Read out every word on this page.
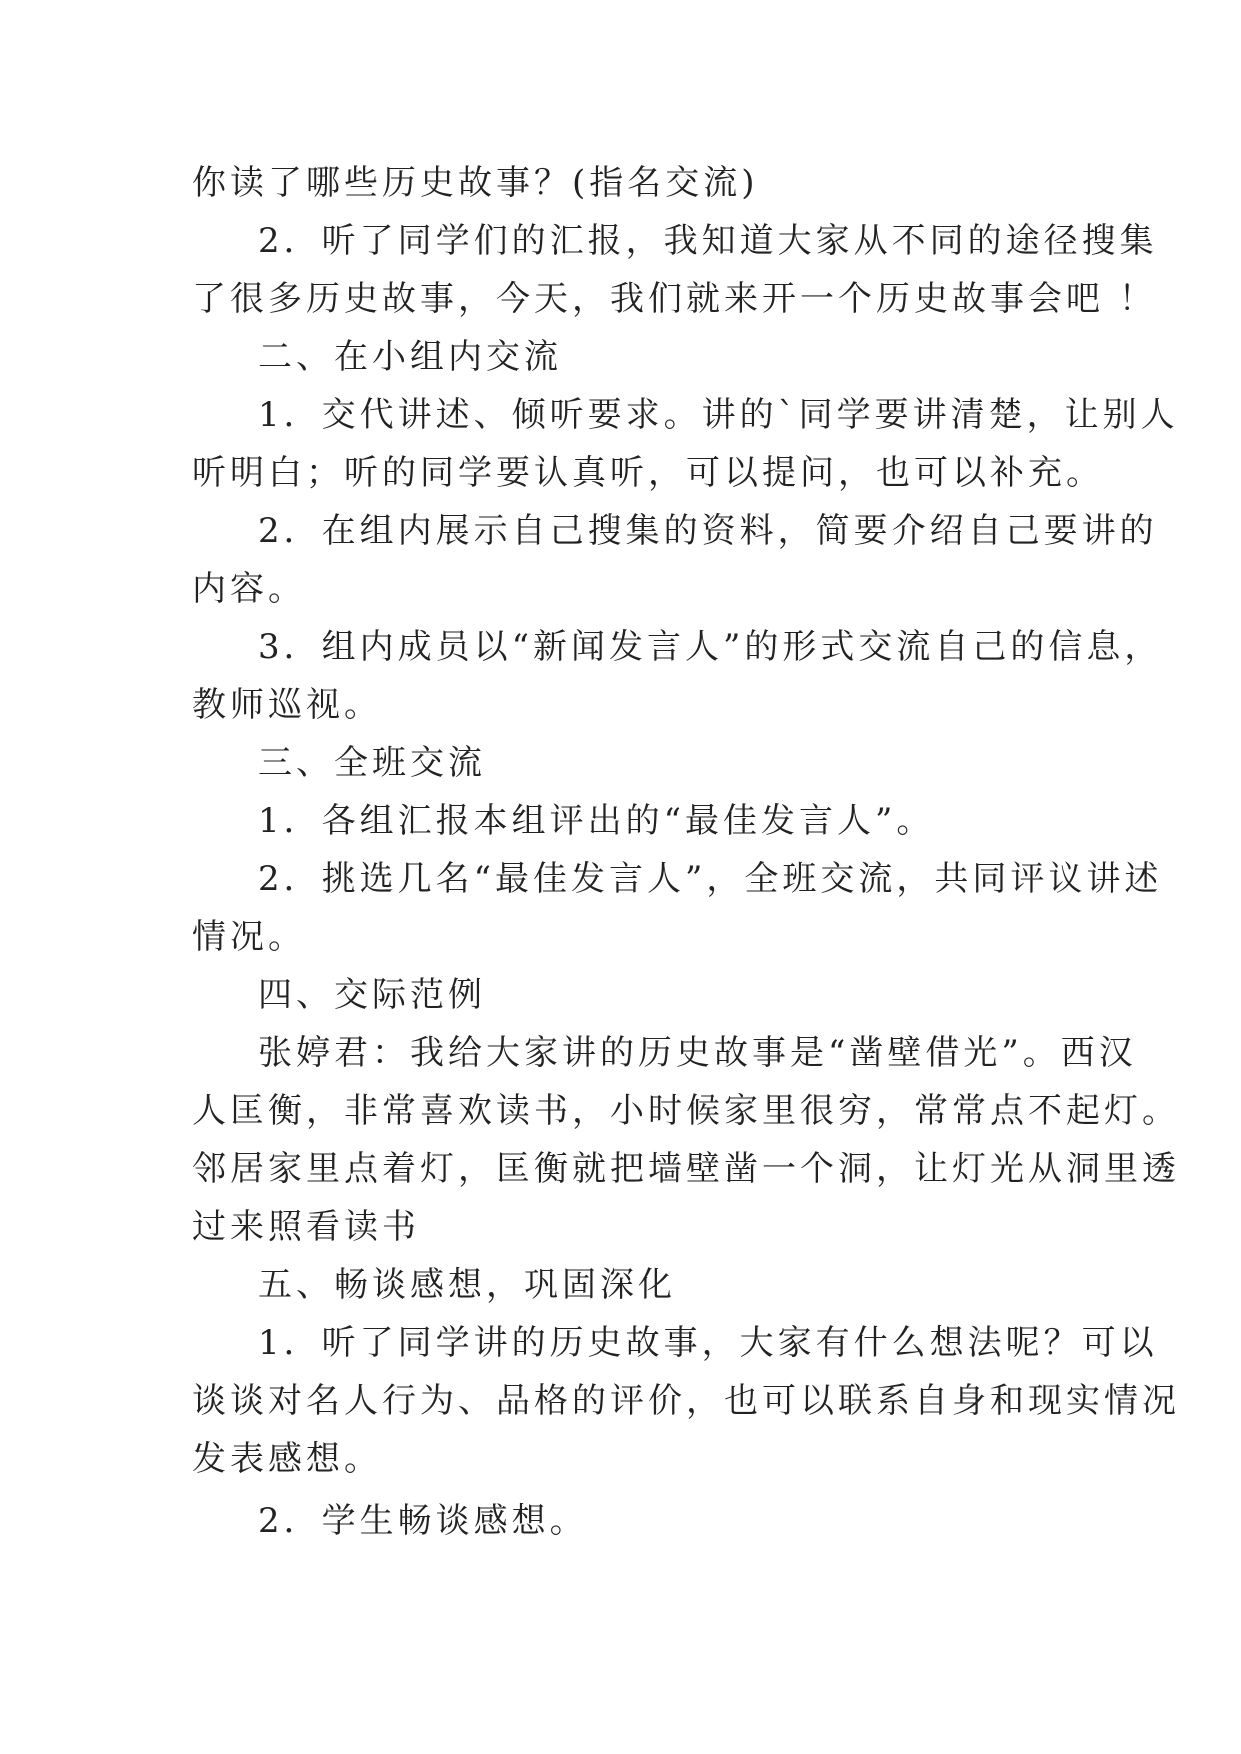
你读了哪些历史故事？(指名交流)
2．听了同学们的汇报，我知道大家从不同的途径搜集
了很多历史故事，今天，我们就来开一个历史故事会吧 ！
二、在小组内交流
1．交代讲述、倾听要求。讲的`同学要讲清楚，让别人
听明白；听的同学要认真听，可以提问，也可以补充。
2．在组内展示自己搜集的资料，简要介绍自己要讲的
内容。
3．组内成员以“新闻发言人”的形式交流自己的信息，
教师巡视。
三、全班交流
1．各组汇报本组评出的“最佳发言人”。
2．挑选几名“最佳发言人”，全班交流，共同评议讲述
情况。
四、交际范例
张婷君：我给大家讲的历史故事是“凿壁借光”。西汉
人匡衡，非常喜欢读书，小时候家里很穷，常常点不起灯。
邻居家里点着灯，匡衡就把墙壁凿一个洞，让灯光从洞里透
过来照看读书
五、畅谈感想，巩固深化
1．听了同学讲的历史故事，大家有什么想法呢？可以
谈谈对名人行为、品格的评价，也可以联系自身和现实情况
发表感想。
2．学生畅谈感想。
